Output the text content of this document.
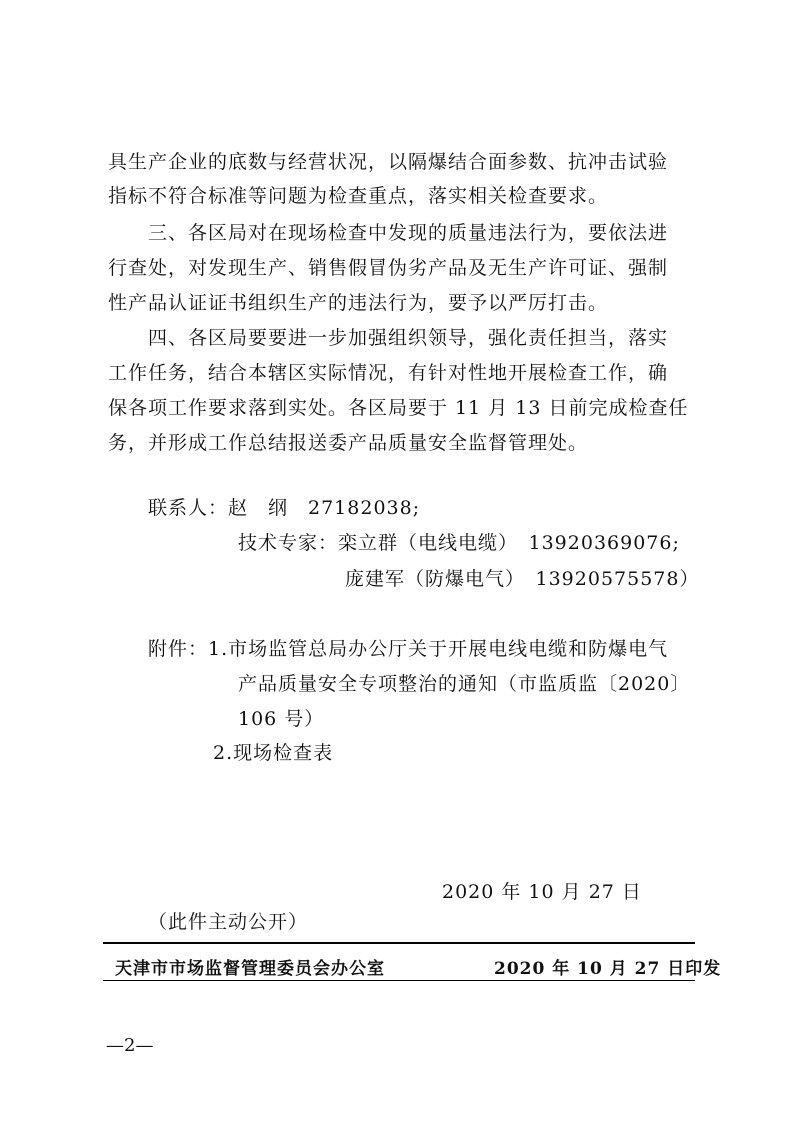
具生产企业的底数与经营状况，以隔爆结合面参数、抗冲击试验
指标不符合标准等问题为检查重点，落实相关检查要求。
三、各区局对在现场检查中发现的质量违法行为，要依法进
行查处，对发现生产、销售假冒伪劣产品及无生产许可证、强制
性产品认证证书组织生产的违法行为，要予以严厉打击。
四、各区局要要进一步加强组织领导，强化责任担当，落实
工作任务，结合本辖区实际情况，有针对性地开展检查工作，确
保各项工作要求落到实处。各区局要于 11 月 13 日前完成检查任
务，并形成工作总结报送委产品质量安全监督管理处。
联系人：赵　纲　27182038;
技术专家：栾立群（电线电缆）　13920369076;
庞建军（防爆电气）　13920575578）
附件：1.市场监管总局办公厅关于开展电线电缆和防爆电气
产品质量安全专项整治的通知（市监质监〔2020〕
106 号）
2.现场检查表
2020 年 10 月 27 日
（此件主动公开）
天津市市场监督管理委员会办公室	2020 年 10 月 27 日印发
—2—
